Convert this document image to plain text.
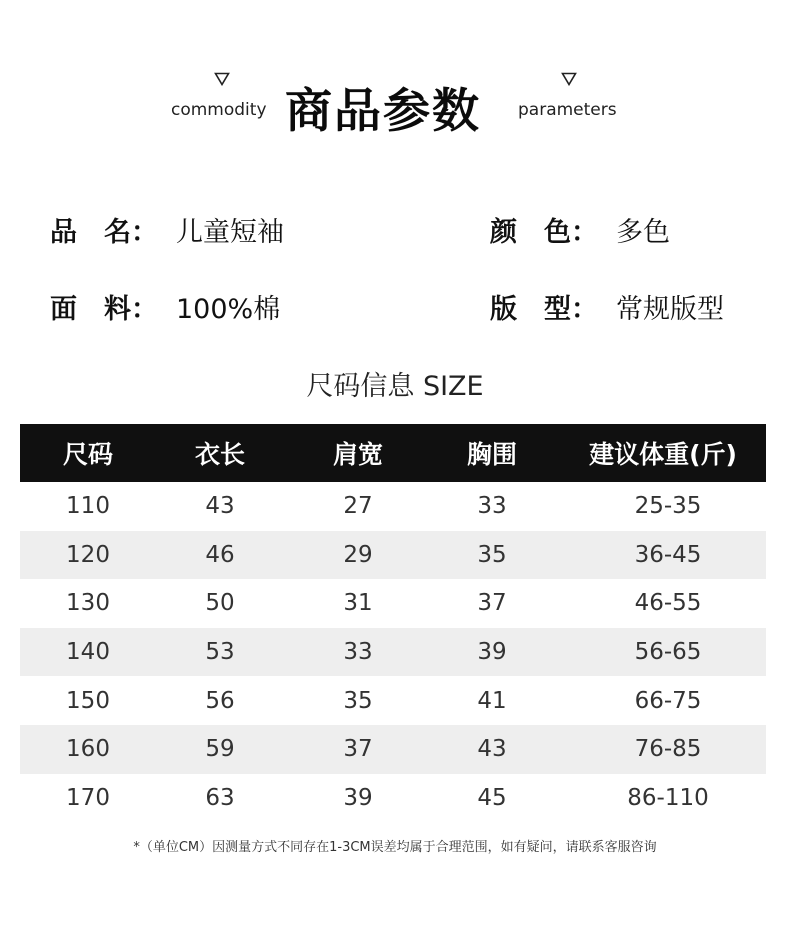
commodity 商品参数 parameters
品　名： 儿童短袖	颜　色： 多色
面　料： 100%棉	版　型： 常规版型
尺码信息 SIZE
尺码	衣长	肩宽	胸围	建议体重(斤)
110	43	27	33	25-35
120	46	29	35	36-45
130	50	31	37	46-55
140	53	33	39	56-65
150	56	35	41	66-75
160	59	37	43	76-85
170	63	39	45	86-110
*（单位CM）因测量方式不同存在1-3CM误差均属于合理范围，如有疑问，请联系客服咨询
